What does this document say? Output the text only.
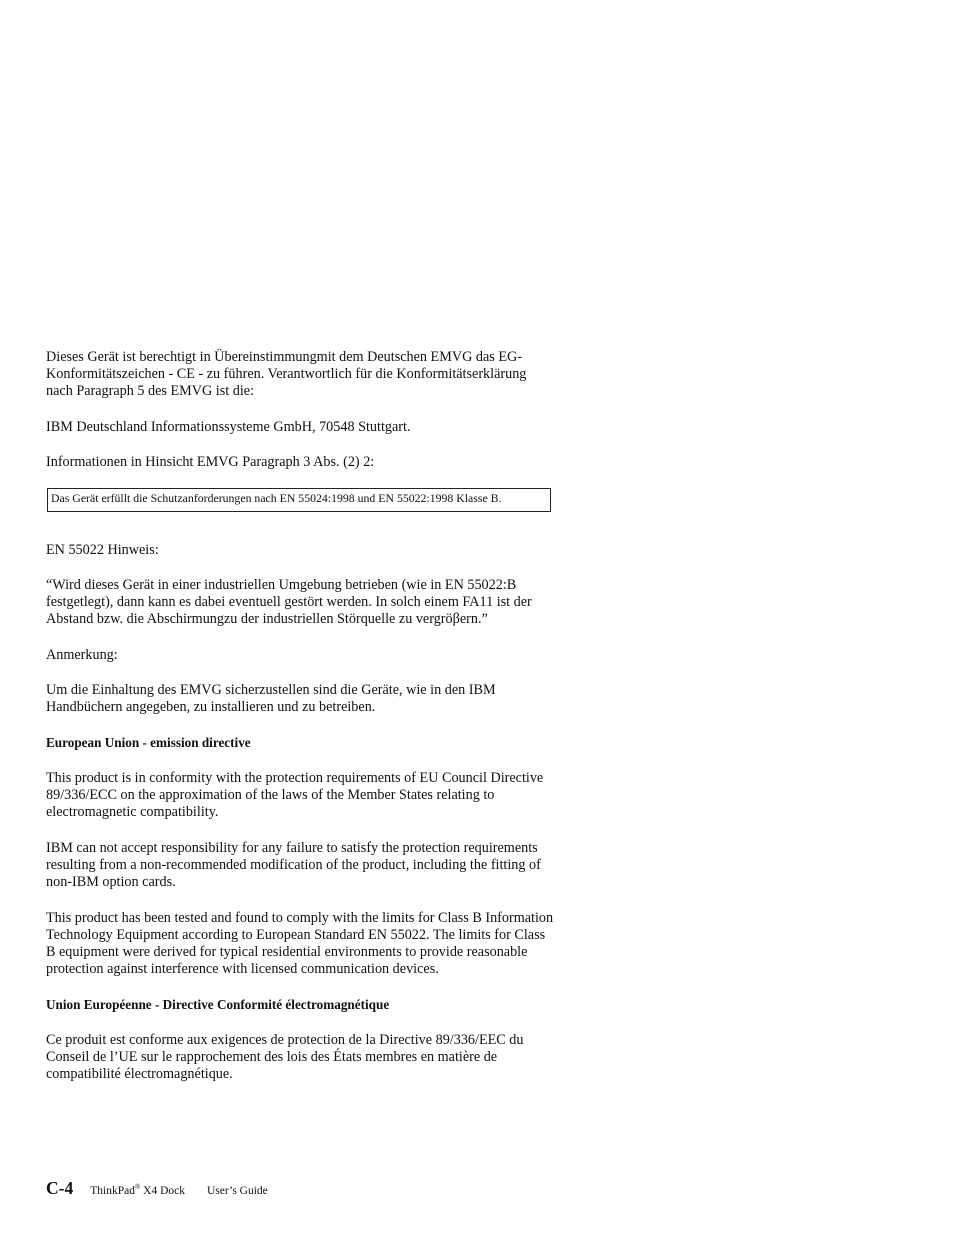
Dieses Gerät ist berechtigt in Übereinstimmungmit dem Deutschen EMVG das EG-Konformitätszeichen - CE - zu führen. Verantwortlich für die Konformitätserklärung nach Paragraph 5 des EMVG ist die:

IBM Deutschland Informationssysteme GmbH, 70548 Stuttgart.

Informationen in Hinsicht EMVG Paragraph 3 Abs. (2) 2:

Das Gerät erfüllt die Schutzanforderungen nach EN 55024:1998 und EN 55022:1998 Klasse B.

EN 55022 Hinweis:

“Wird dieses Gerät in einer industriellen Umgebung betrieben (wie in EN 55022:B festgetlegt), dann kann es dabei eventuell gestört werden. In solch einem FA11 ist der Abstand bzw. die Abschirmungzu der industriellen Störquelle zu vergröβern.”

Anmerkung:

Um die Einhaltung des EMVG sicherzustellen sind die Geräte, wie in den IBM Handbüchern angegeben, zu installieren und zu betreiben.

European Union - emission directive

This product is in conformity with the protection requirements of EU Council Directive 89/336/ECC on the approximation of the laws of the Member States relating to electromagnetic compatibility.

IBM can not accept responsibility for any failure to satisfy the protection requirements resulting from a non-recommended modification of the product, including the fitting of non-IBM option cards.

This product has been tested and found to comply with the limits for Class B Information Technology Equipment according to European Standard EN 55022. The limits for Class B equipment were derived for typical residential environments to provide reasonable protection against interference with licensed communication devices.

Union Européenne - Directive Conformité électromagnétique

Ce produit est conforme aux exigences de protection de la Directive 89/336/EEC du Conseil de l’UE sur le rapprochement des lois des États membres en matière de compatibilité électromagnétique.

C-4 ThinkPad® X4 Dock User’s Guide
